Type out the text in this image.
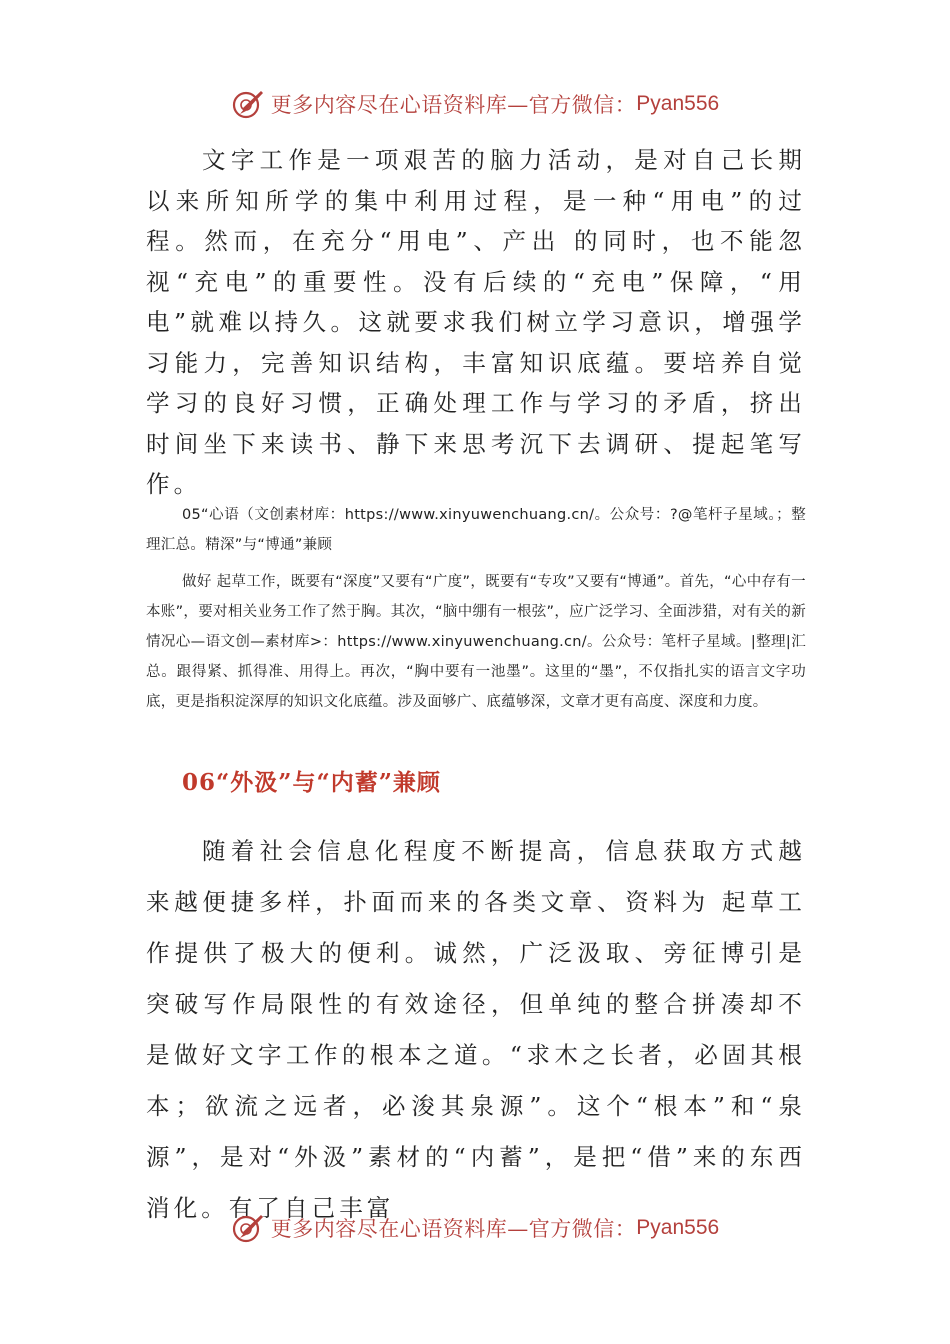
更多内容尽在心语资料库—官方微信： Pyan556

文字工作是一项艰苦的脑力活动，是对自己长期以来所知所学的集中利用过程，是一种“用电”的过程。然而，在充分“用电”、产出 的同时，也不能忽视“充电”的重要性。没有后续的“充电”保障，“用电”就难以持久。这就要求我们树立学习意识，增强学习能力，完善知识结构，丰富知识底蕴。要培养自觉学习的良好习惯，正确处理工作与学习的矛盾，挤出时间坐下来读书、静下来思考沉下去调研、提起笔写作。

05“心语（文创素材库：https://www.xinyuwenchuang.cn/。公众号：?@笔杆子星域。；整理汇总。精深”与“博通”兼顾

做好 起草工作，既要有“深度”又要有“广度”，既要有“专攻”又要有“博通”。首先，“心中存有一本账”，要对相关业务工作了然于胸。其次，“脑中绷有一根弦”，应广泛学习、全面涉猎，对有关的新情况心—语文创—素材库>：https://www.xinyuwenchuang.cn/。公众号：笔杆子星域。|整理|汇总。跟得紧、抓得准、用得上。再次，“胸中要有一池墨”。这里的“墨”，不仅指扎实的语言文字功底，更是指积淀深厚的知识文化底蕴。涉及面够广、底蕴够深，文章才更有高度、深度和力度。

06“外汲”与“内蓄”兼顾

随着社会信息化程度不断提高，信息获取方式越来越便捷多样，扑面而来的各类文章、资料为 起草工作提供了极大的便利。诚然，广泛汲取、旁征博引是突破写作局限性的有效途径，但单纯的整合拼凑却不是做好文字工作的根本之道。“求木之长者，必固其根本；欲流之远者，必浚其泉源”。这个“根本”和“泉源”，是对“外汲”素材的“内蓄”，是把“借”来的东西消化。有了自己丰富

更多内容尽在心语资料库—官方微信： Pyan556
